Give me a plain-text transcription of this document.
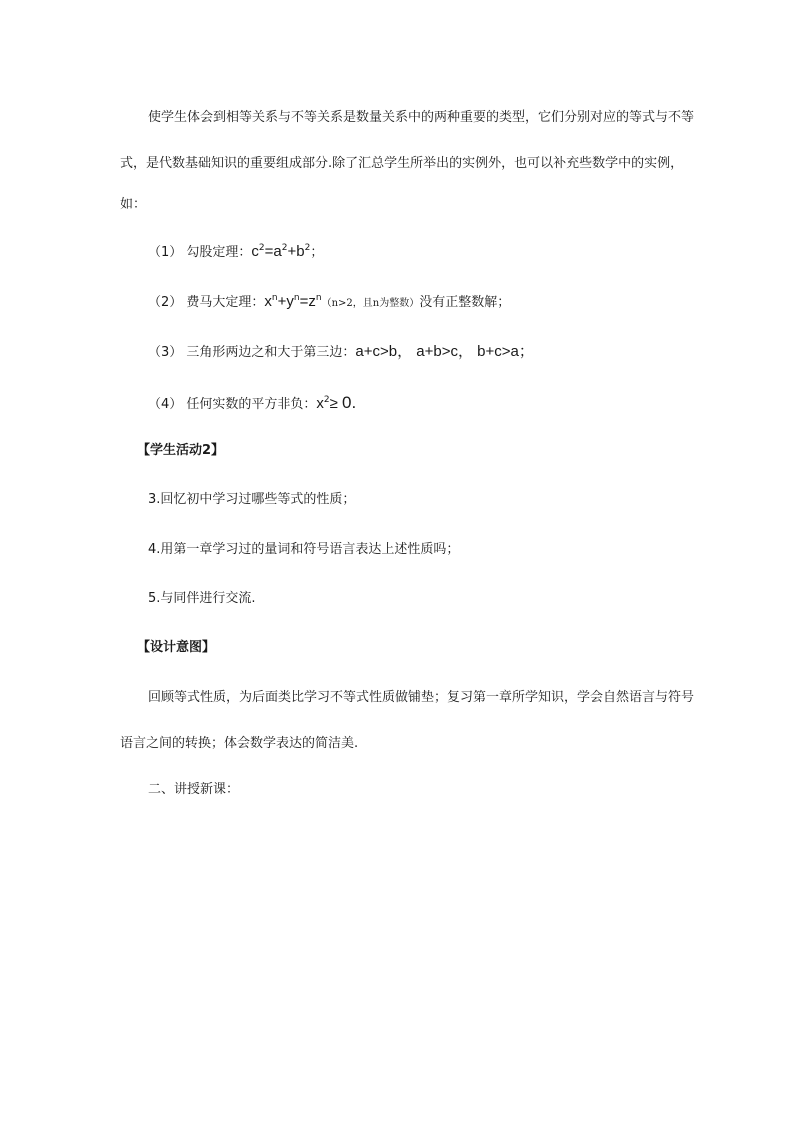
使学生体会到相等关系与不等关系是数量关系中的两种重要的类型，它们分别对应的等式与不等
式，是代数基础知识的重要组成部分.除了汇总学生所举出的实例外，也可以补充些数学中的实例，
如：
（1） 勾股定理：$c^2=a^2+b^2$；
（2） 费马大定理：$x^n+y^n=z^n(n>2$，且n为整数）没有正整数解；
（3） 三角形两边之和大于第三边：a+c>b， a+b>c， b+c>a；
（4） 任何实数的平方非负：$x^2\ge 0$.
【学生活动2】
3.回忆初中学习过哪些等式的性质；
4.用第一章学习过的量词和符号语言表达上述性质吗；
5.与同伴进行交流.
【设计意图】
回顾等式性质，为后面类比学习不等式性质做铺垫；复习第一章所学知识，学会自然语言与符号
语言之间的转换；体会数学表达的简洁美.
二、讲授新课：
